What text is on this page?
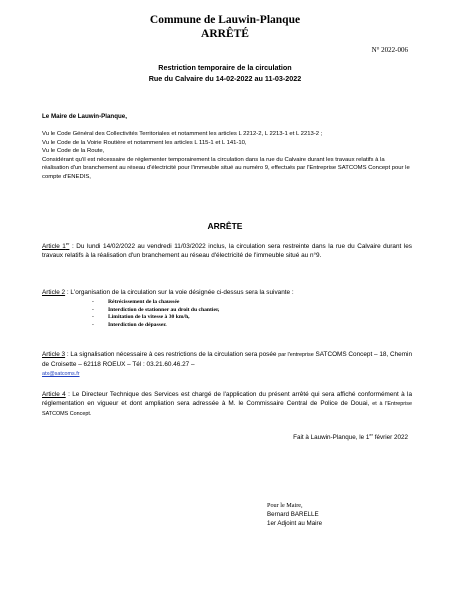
Commune de Lauwin-Planque
ARRÊTÉ
N° 2022-006
Restriction temporaire de la circulation
Rue du Calvaire du 14-02-2022 au 11-03-2022
Le Maire de Lauwin-Planque,

Vu le Code Général des Collectivités Territoriales et notamment les articles L 2212-2, L 2213-1 et L 2213-2 ;

Vu le Code de la Voirie Routière et notamment les articles L 115-1 et L 141-10,

Vu le Code de la Route,

Considérant qu'il est nécessaire de réglementer temporairement la circulation dans la rue du Calvaire durant les travaux relatifs à la réalisation d'un branchement au réseau d'électricité pour l'immeuble situé au numéro 9, effectués par l'Entreprise SATCOMS Concept pour le compte d'ENEDIS,

ARRÊTE
Article 1er : Du lundi 14/02/2022 au vendredi 11/03/2022 inclus, la circulation sera restreinte dans la rue du Calvaire durant les travaux relatifs à la réalisation d'un branchement au réseau d'électricité de l'immeuble situé au n°9.
Article 2 : L'organisation de la circulation sur la voie désignée ci-dessus sera la suivante :
- Rétrécissement de la chaussée
- Interdiction de stationner au droit du chantier,
- Limitation de la vitesse à 30 km/h,
- Interdiction de dépasser.
Article 3 : La signalisation nécessaire à ces restrictions de la circulation sera posée par l'entreprise SATCOMS Concept – 18, Chemin de Croisette – 62118 ROEUX – Tél : 03.21.60.46.27 –
atx@satcoms.fr
Article 4 : Le Directeur Technique des Services est chargé de l'application du présent arrêté qui sera affiché conformément à la réglementation en vigueur et dont ampliation sera adressée à M. le Commissaire Central de Police de Douai, et à l'Entreprise SATCOMS Concept.
Fait à Lauwin-Planque, le 1er février 2022
Pour le Maire,
Bernard BARELLE
1er Adjoint au Maire
